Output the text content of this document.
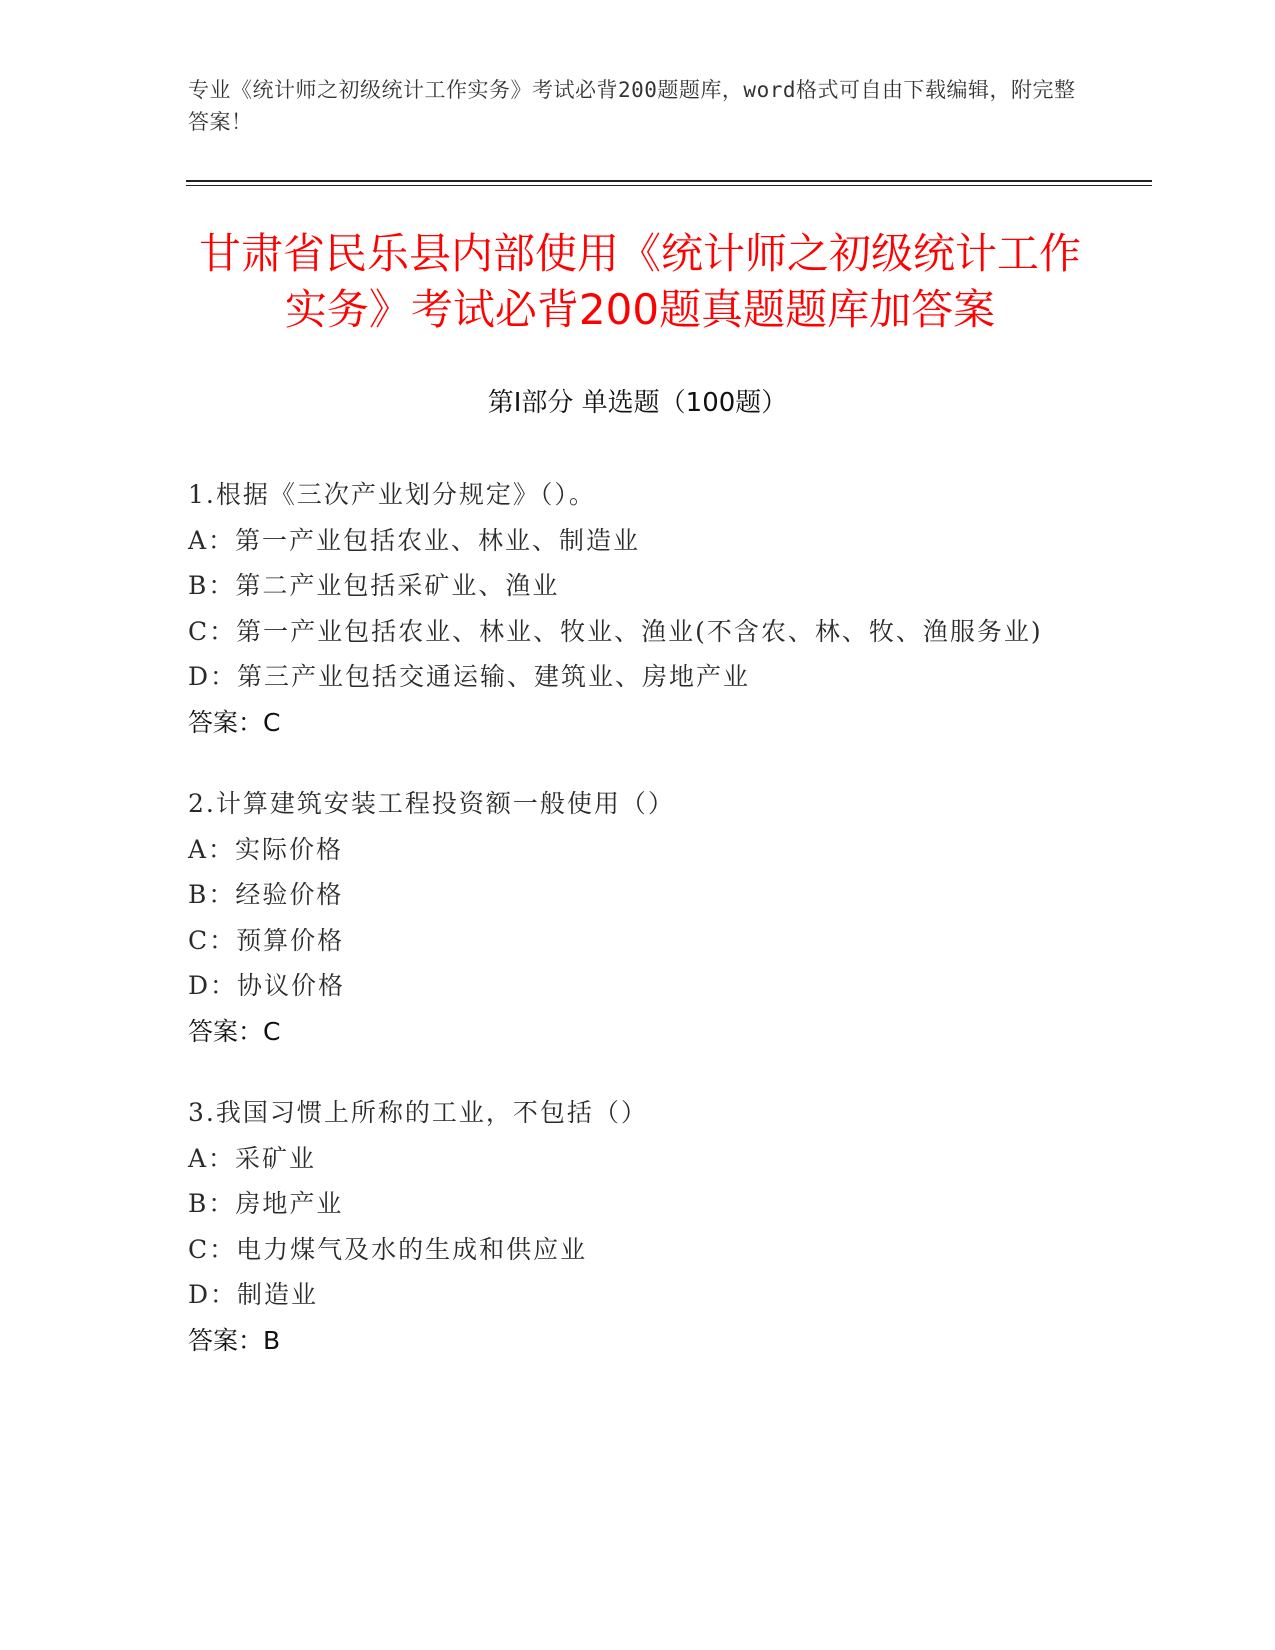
专业《统计师之初级统计工作实务》考试必背200题题库，word格式可自由下载编辑，附完整答案！
甘肃省民乐县内部使用《统计师之初级统计工作实务》考试必背200题真题题库加答案
第I部分 单选题（100题）

1.根据《三次产业划分规定》（）。

A：第一产业包括农业、林业、制造业

B：第二产业包括采矿业、渔业

C：第一产业包括农业、林业、牧业、渔业(不含农、林、牧、渔服务业)

D：第三产业包括交通运输、建筑业、房地产业

答案：C

2.计算建筑安装工程投资额一般使用（）

A：实际价格

B：经验价格

C：预算价格

D：协议价格

答案：C

3.我国习惯上所称的工业，不包括（）

A：采矿业

B：房地产业

C：电力煤气及水的生成和供应业

D：制造业

答案：B
